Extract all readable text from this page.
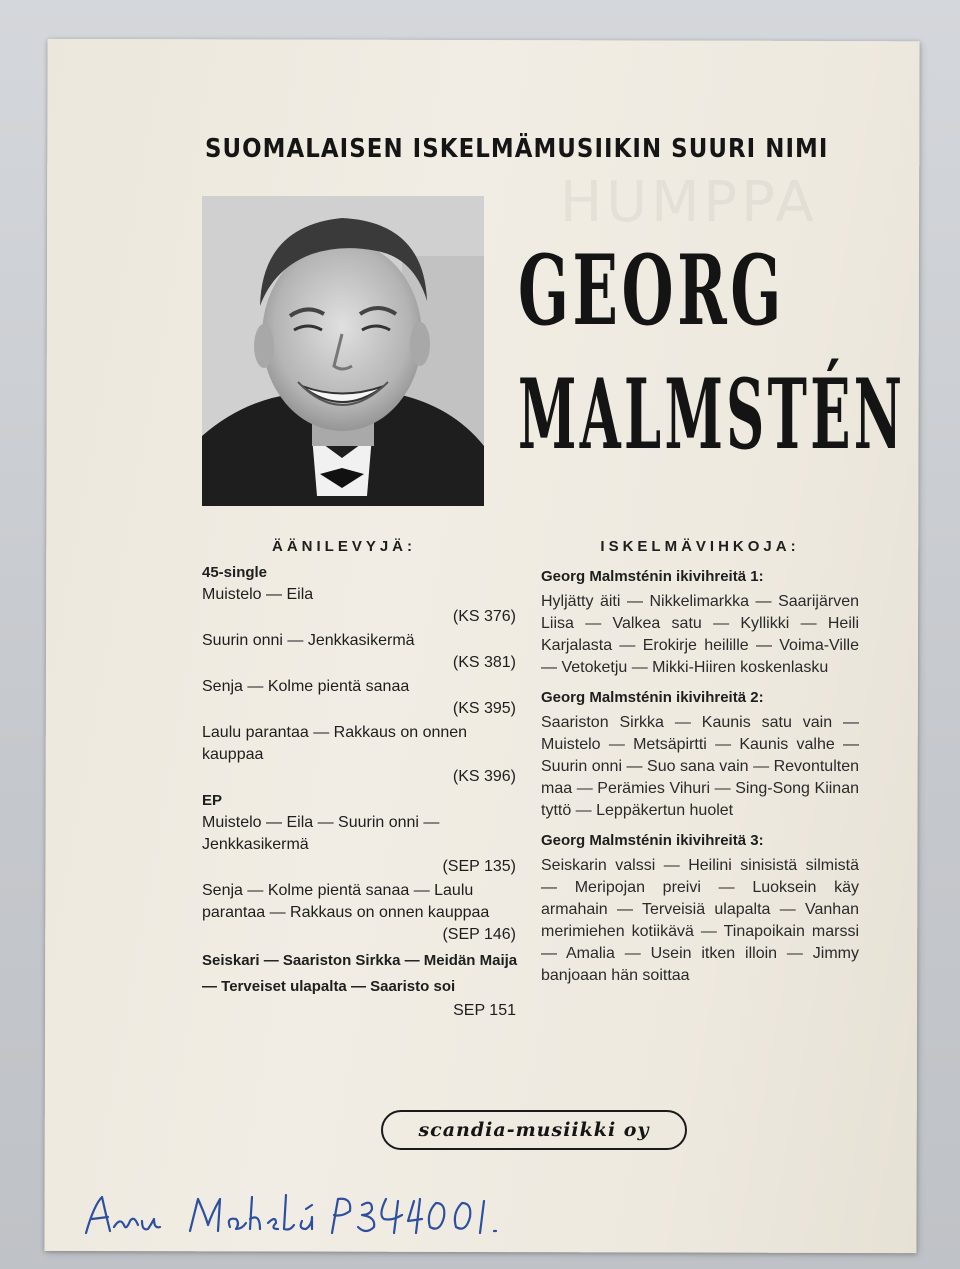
HUMPPA
SUOMALAISEN ISKELMÄMUSIIKIN SUURI NIMI
GEORG
MALMSTÉN
ÄÄNILEVYJÄ:
45-single
Muistelo — Eila
(KS 376)
Suurin onni — Jenkkasikermä
(KS 381)
Senja — Kolme pientä sanaa
(KS 395)
Laulu parantaa — Rakkaus on onnen kauppaa
(KS 396)
EP
Muistelo — Eila — Suurin onni — Jenkkasikermä
(SEP 135)
Senja — Kolme pientä sanaa — Laulu parantaa — Rakkaus on onnen kauppaa
(SEP 146)
Seiskari — Saariston Sirkka — Meidän Maija — Terveiset ulapalta — Saaristo soi
SEP 151
ISKELMÄVIHKOJA:
Georg Malmsténin ikivihreitä 1:
Hyljätty äiti — Nikkelimarkka — Saarijärven Liisa — Valkea satu — Kyllikki — Heili Karjalasta — Erokirje heilille — Voima-Ville — Vetoketju — Mikki-Hiiren koskenlasku
Georg Malmsténin ikivihreitä 2:
Saariston Sirkka — Kaunis satu vain — Muistelo — Metsäpirtti — Kaunis valhe — Suurin onni — Suo sana vain — Revontulten maa — Perämies Vihuri — Sing-Song Kiinan tyttö — Leppäkertun huolet
Georg Malmsténin ikivihreitä 3:
Seiskarin valssi — Heilini sinisistä silmistä — Meripojan preivi — Luoksein käy armahain — Terveisiä ulapalta — Vanhan merimiehen kotiikävä — Tinapoikain marssi — Amalia — Usein itken illoin — Jimmy banjoaan hän soittaa
scandia-musiikki oy
Anu Mäkelä P834001.
